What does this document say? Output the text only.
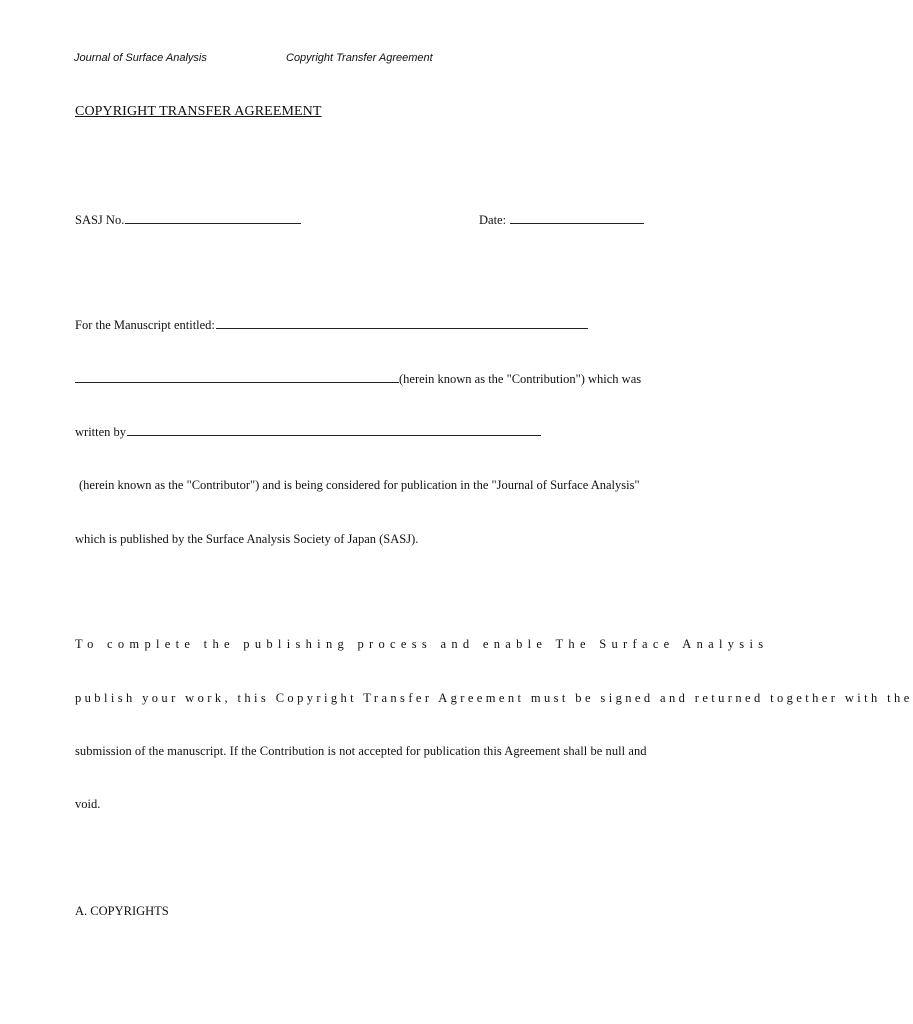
Journal of Surface Analysis	Copyright Transfer Agreement
COPYRIGHT TRANSFER AGREEMENT
SASJ No.	Date:
For the Manuscript entitled:
(herein known as the "Contribution") which was
written by
(herein known as the "Contributor") and is being considered for publication in the "Journal of Surface Analysis"
which is published by the Surface Analysis Society of Japan (SASJ).
To complete the publishing process and enable The Surface Analysis
publish your work, this Copyright Transfer Agreement must be signed and returned together with the
submission of the manuscript. If the Contribution is not accepted for publication this Agreement shall be null and
void.
A. COPYRIGHTS
